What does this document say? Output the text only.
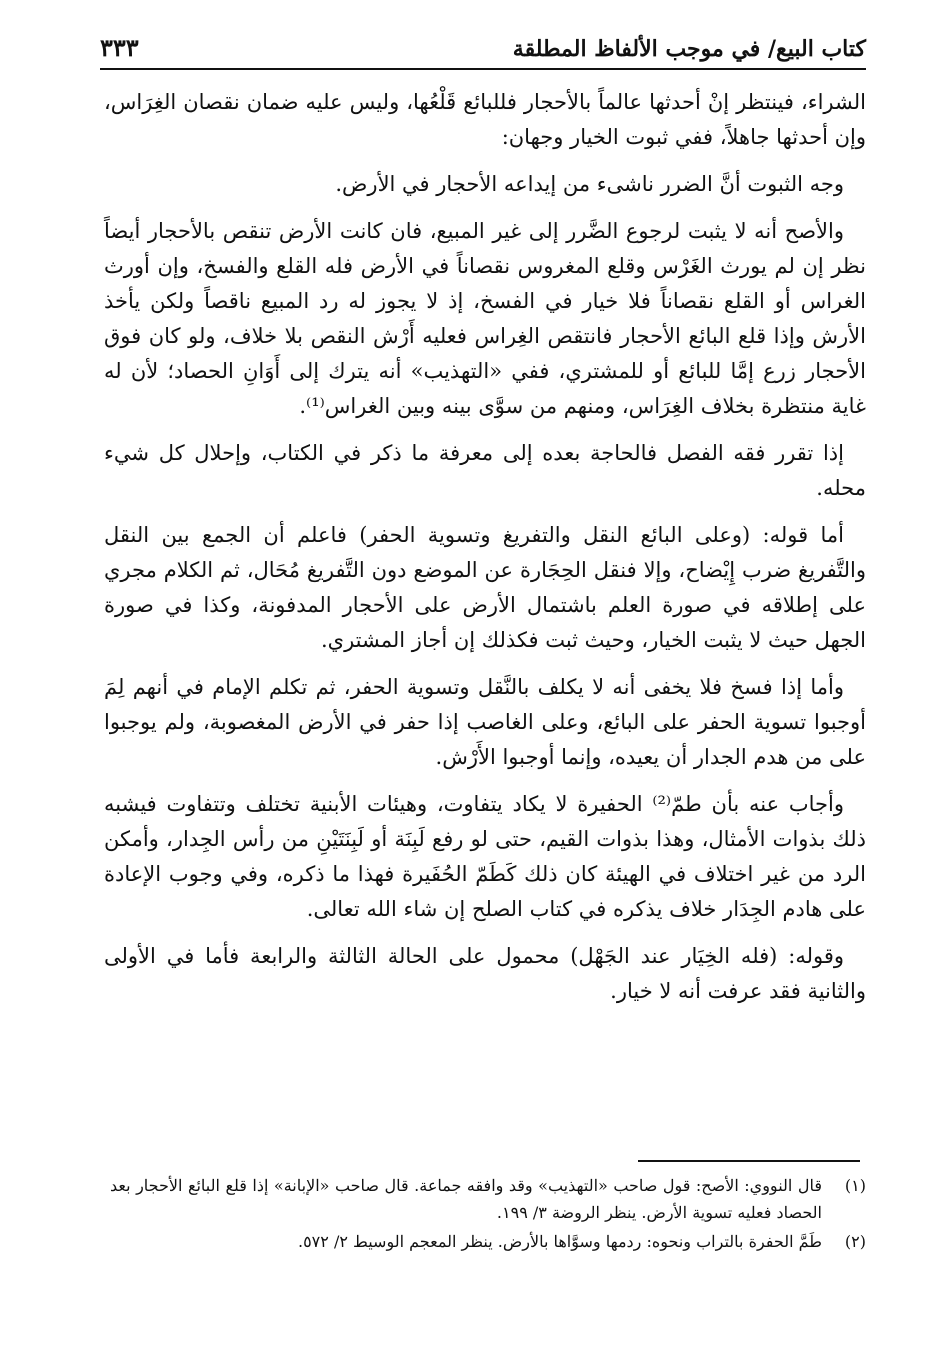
كتاب البيع/ في موجب الألفاظ المطلقة
٣٣٣

الشراء، فينتظر إنْ أحدثها عالماً بالأحجار فللبائع قَلْعُها، وليس عليه ضمان نقصان الغِرَاس، وإن أحدثها جاهلاً، ففي ثبوت الخيار وجهان:

وجه الثبوت أنَّ الضرر ناشىء من إيداعه الأحجار في الأرض.

والأصح أنه لا يثبت لرجوع الضَّرر إلى غير المبيع، فان كانت الأرض تنقص بالأحجار أيضاً نظر إن لم يورث الغَرْس وقلع المغروس نقصاناً في الأرض فله القلع والفسخ، وإن أورث الغراس أو القلع نقصاناً فلا خيار في الفسخ، إذ لا يجوز له رد المبيع ناقصاً ولكن يأخذ الأرش وإذا قلع البائع الأحجار فانتقص الغِراس فعليه أَرْش النقص بلا خلاف، ولو كان فوق الأحجار زرع إمَّا للبائع أو للمشتري، ففي «التهذيب» أنه يترك إلى أَوَانِ الحصاد؛ لأن له غاية منتظرة بخلاف الغِرَاس، ومنهم من سوَّى بينه وبين الغراس⁽¹⁾.

إذا تقرر فقه الفصل فالحاجة بعده إلى معرفة ما ذكر في الكتاب، وإحلال كل شيء محله.

أما قوله: (وعلى البائع النقل والتفريغ وتسوية الحفر) فاعلم أن الجمع بين النقل والتَّفريغ ضرب إِيْضاح، وإلا فنقل الحِجَارة عن الموضع دون التَّفريغ مُحَال، ثم الكلام مجري على إطلاقه في صورة العلم باشتمال الأرض على الأحجار المدفونة، وكذا في صورة الجهل حيث لا يثبت الخيار، وحيث ثبت فكذلك إن أجاز المشتري.

وأما إذا فسخ فلا يخفى أنه لا يكلف بالنَّقل وتسوية الحفر، ثم تكلم الإمام في أنهم لِمَ أوجبوا تسوية الحفر على البائع، وعلى الغاصب إذا حفر في الأرض المغصوبة، ولم يوجبوا على من هدم الجدار أن يعيده، وإنما أوجبوا الأَرْش.

وأجاب عنه بأن طمّ⁽²⁾ الحفيرة لا يكاد يتفاوت، وهيئات الأبنية تختلف وتتفاوت فيشبه ذلك بذوات الأمثال، وهذا بذوات القيم، حتى لو رفع لَبِنَة أو لَبِنَتَيْنِ من رأس الجِدار، وأمكن الرد من غير اختلاف في الهيئة كان ذلك كَطَمّ الحُفَيرة فهذا ما ذكره، وفي وجوب الإعادة على هادم الجِدَار خلاف يذكره في كتاب الصلح إن شاء الله تعالى.

وقوله: (فله الخِيَار عند الجَهْل) محمول على الحالة الثالثة والرابعة فأما في الأولى والثانية فقد عرفت أنه لا خيار.

(١)
قال النووي: الأصح: قول صاحب «التهذيب» وقد وافقه جماعة. قال صاحب «الإبانة» إذا قلع البائع الأحجار بعد الحصاد فعليه تسوية الأرض. ينظر الروضة ٣/ ١٩٩.
(٢)
طَمَّ الحفرة بالتراب ونحوه: ردمها وسوَّاها بالأرض. ينظر المعجم الوسيط ٢/ ٥٧٢.
